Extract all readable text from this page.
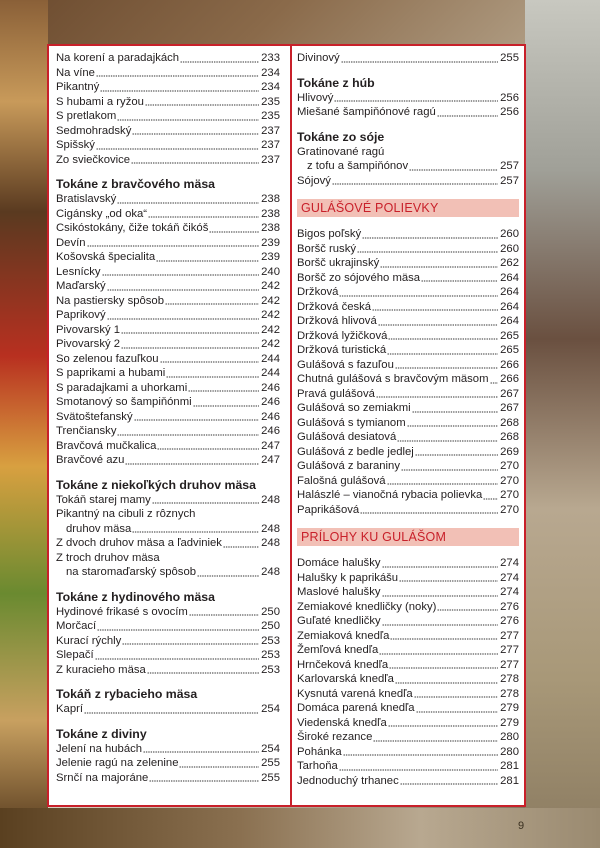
Na korení a paradajkách	233
Na víne	234
Pikantný	234
S hubami a ryžou	235
S pretlakom	235
Sedmohradský	237
Spišský	237
Zo sviečkovice	237
Tokáne z bravčového mäsa
Bratislavský	238
Cigánsky „od oka“	238
Csikóstokány, čiže tokáň čikóš	238
Devín	239
Košovská špecialita	239
Lesnícky	240
Maďarský	242
Na pastiersky spôsob	242
Paprikový	242
Pivovarský 1	242
Pivovarský 2	242
So zelenou fazuľkou	244
S paprikami a hubami	244
S paradajkami a uhorkami	246
Smotanový so šampiňónmi	246
Svätoštefanský	246
Trenčiansky	246
Bravčová mučkalica	247
Bravčové azu	247
Tokáne z niekoľkých druhov mäsa
Tokáň starej mamy	248
Pikantný na cibuli z rôznych
druhov mäsa	248
Z dvoch druhov mäsa a ľadviniek	248
Z troch druhov mäsa
na staromaďarský spôsob	248
Tokáne z hydinového mäsa
Hydinové frikasé s ovocím	250
Morčací	250
Kurací rýchly	253
Slepačí	253
Z kuracieho mäsa	253
Tokáň z rybacieho mäsa
Kaprí	254
Tokáne z diviny
Jelení na hubách	254
Jelenie ragú na zelenine	255
Srnčí na majoráne	255
Divinový	255
Tokáne z húb
Hlivový	256
Miešané šampiňónové ragú	256
Tokáne zo sóje
Gratinované ragú
z tofu a šampiňónov	257
Sójový	257
GULÁŠOVÉ POLIEVKY
Bigos poľský	260
Boršč ruský	260
Boršč ukrajinský	262
Boršč zo sójového mäsa	264
Držková	264
Držková česká	264
Držková hlivová	264
Držková lyžičková	265
Držková turistická	265
Gulášová s fazuľou	266
Chutná gulášová s bravčovým mäsom 266
Pravá gulášová	267
Gulášová so zemiakmi	267
Gulášová s tymianom	268
Gulášová desiatová	268
Gulášová z bedle jedlej	269
Gulášová z baraniny	270
Falošná gulášová	270
Halászlé – vianočná rybacia polievka 270
Paprikášová	270
PRÍLOHY KU GULÁŠOM
Domáce halušky	274
Halušky k paprikášu	274
Maslové halušky	274
Zemiakové knedličky (noky)	276
Guľaté knedličky	276
Zemiaková knedľa	277
Žemľová knedľa	277
Hrnčeková knedľa	277
Karlovarská knedľa	278
Kysnutá varená knedľa	278
Domáca parená knedľa	279
Viedenská knedľa	279
Široké rezance	280
Pohánka	280
Tarhoňa	281
Jednoduchý trhanec	281
9
